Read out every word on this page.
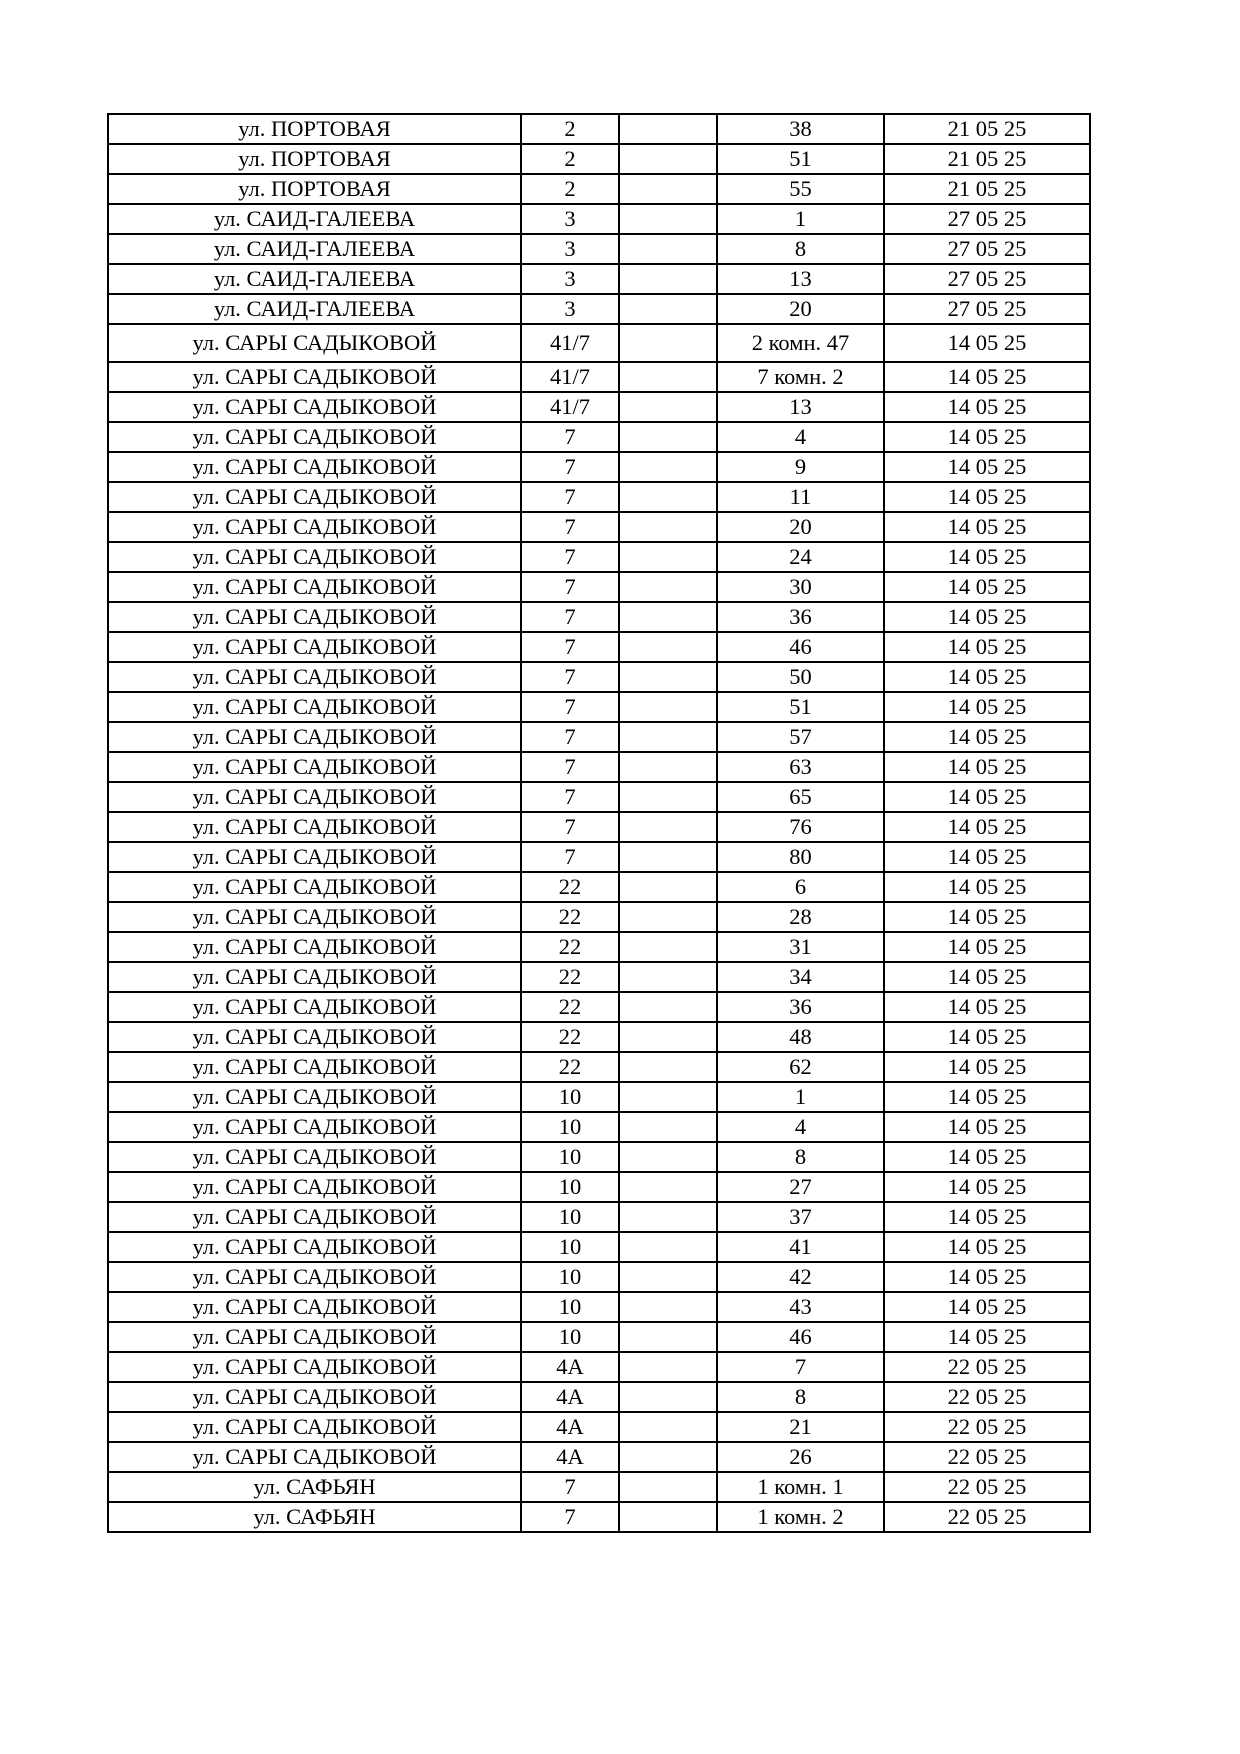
ул. ПОРТОВАЯ	2		38	21 05 25
ул. ПОРТОВАЯ	2		51	21 05 25
ул. ПОРТОВАЯ	2		55	21 05 25
ул. САИД-ГАЛЕЕВА	3		1	27 05 25
ул. САИД-ГАЛЕЕВА	3		8	27 05 25
ул. САИД-ГАЛЕЕВА	3		13	27 05 25
ул. САИД-ГАЛЕЕВА	3		20	27 05 25
ул. САРЫ САДЫКОВОЙ	41/7		2 комн. 47	14 05 25
ул. САРЫ САДЫКОВОЙ	41/7		7 комн. 2	14 05 25
ул. САРЫ САДЫКОВОЙ	41/7		13	14 05 25
ул. САРЫ САДЫКОВОЙ	7		4	14 05 25
ул. САРЫ САДЫКОВОЙ	7		9	14 05 25
ул. САРЫ САДЫКОВОЙ	7		11	14 05 25
ул. САРЫ САДЫКОВОЙ	7		20	14 05 25
ул. САРЫ САДЫКОВОЙ	7		24	14 05 25
ул. САРЫ САДЫКОВОЙ	7		30	14 05 25
ул. САРЫ САДЫКОВОЙ	7		36	14 05 25
ул. САРЫ САДЫКОВОЙ	7		46	14 05 25
ул. САРЫ САДЫКОВОЙ	7		50	14 05 25
ул. САРЫ САДЫКОВОЙ	7		51	14 05 25
ул. САРЫ САДЫКОВОЙ	7		57	14 05 25
ул. САРЫ САДЫКОВОЙ	7		63	14 05 25
ул. САРЫ САДЫКОВОЙ	7		65	14 05 25
ул. САРЫ САДЫКОВОЙ	7		76	14 05 25
ул. САРЫ САДЫКОВОЙ	7		80	14 05 25
ул. САРЫ САДЫКОВОЙ	22		6	14 05 25
ул. САРЫ САДЫКОВОЙ	22		28	14 05 25
ул. САРЫ САДЫКОВОЙ	22		31	14 05 25
ул. САРЫ САДЫКОВОЙ	22		34	14 05 25
ул. САРЫ САДЫКОВОЙ	22		36	14 05 25
ул. САРЫ САДЫКОВОЙ	22		48	14 05 25
ул. САРЫ САДЫКОВОЙ	22		62	14 05 25
ул. САРЫ САДЫКОВОЙ	10		1	14 05 25
ул. САРЫ САДЫКОВОЙ	10		4	14 05 25
ул. САРЫ САДЫКОВОЙ	10		8	14 05 25
ул. САРЫ САДЫКОВОЙ	10		27	14 05 25
ул. САРЫ САДЫКОВОЙ	10		37	14 05 25
ул. САРЫ САДЫКОВОЙ	10		41	14 05 25
ул. САРЫ САДЫКОВОЙ	10		42	14 05 25
ул. САРЫ САДЫКОВОЙ	10		43	14 05 25
ул. САРЫ САДЫКОВОЙ	10		46	14 05 25
ул. САРЫ САДЫКОВОЙ	4А		7	22 05 25
ул. САРЫ САДЫКОВОЙ	4А		8	22 05 25
ул. САРЫ САДЫКОВОЙ	4А		21	22 05 25
ул. САРЫ САДЫКОВОЙ	4А		26	22 05 25
ул. САФЬЯН	7		1 комн. 1	22 05 25
ул. САФЬЯН	7		1 комн. 2	22 05 25
